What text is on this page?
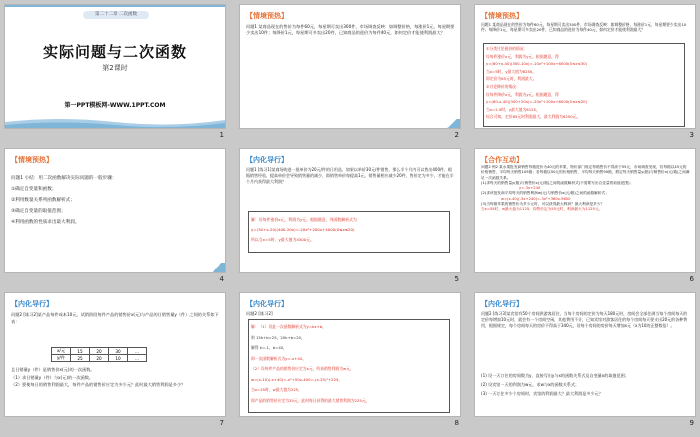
第二十二章 二次函数
实际问题与二次函数
第2课时
第一PPT模板网-WWW.1PPT.COM
1
【情境预热】
问题1 某商品现在的售价为每件60元，每星期可卖出300件，市场调查反映：如调整价格，每涨价1元，每星期要少卖出10件；每降价1元，每星期可多卖出20件，已知商品的进价为每件40元，如何定价才能使利润最大？
2
【情境预热】
问题1 某商品现在的售价为每件60元，每星期可卖出300件，市场调查反映：如调整价格，每涨价1元，每星期要少卖出10件；每降价1元，每星期可多卖出20件，已知商品的进价为每件40元，如何定价才能使利润最大？
①分类讨论涨价的情况：
设每件涨价x元，利润为y元。根据题意，得
y=(60+x-40)(300-10x)=-10x²+100x+6000(0≤x≤30)
当x=5时，y最大值为6250。
即定价为65元时，利润最大。
②讨论降价的情况：
设每件降价x元，利润为y元。根据题意，得
y=(60-x-40)(300+20x)=-20x²+100x+6000(0≤x≤20)
当x=2.5时，y最大值为6125。
综合可知，定价65元时利润最大，最大利润为6250元。
3
【情境预热】
问题1 小结：用二次函数解决实际问题的一般步骤：
①确定自变量和函数；
②利用数量关系列函数解析式；
③确定自变量的取值范围；
④利用函数的性质求出最大利润。
4
【内化导行】
问题1 [练习1]某商场购进一批单价为20元/件的日用品，如果以单价30元/件销售，那么半个月内可以售出400件，根据销售经验，提高单价会导致销售量的减少，即销售单价每提高1元，销售量相应减少20件，售价定为多少，才能在半个月内获得最大利润？
解：设每件涨价x元，利润为y元。根据题意，列函数解析式为
y=(30+x-20)(400-20x)=-20x²+200x+4000(0≤x≤20)
所以当x=5时，y最大值为4500元。
5
【合作互动】
问题2 例2 某水果批发商销售每箱进价为40元的苹果，物价部门规定每箱售价不得高于55元，市场调查发现，若每箱以45元的价格销售，平均每天销售105箱；若每箱以50元的价格销售，平均每天销售90箱，假定每天销售量y(箱)与销售价x(元/箱)之间满足一次函数关系。
(1)求每天的销售量y(箱)与销售价x(元/箱)之间的函数解析式(不需要写出自变量的取值范围)；
y=-3x+240
(2)求该批发商平均每天的销售利润w(元)与销售价x(元/箱)之间的函数解析式；
w=(x-40)(-3x+240)=-3x²+360x-9600
(3)当每箱苹果的销售价为多少元时，可以获得最大利润？最大利润是多少？
当x=55时，w最大值为1125，即售价定为55元时，利润最大为1125元。
6
【内化导行】
问题2 [练习2]某产品每件成本10元，试销阶段每件产品的销售价x(元)与产品的日销售量y（件）之间的关系如下表：
x/元	15	20	30	…
y/件	25	20	10	…
且日销量y（件）是销售价x(元)的一次函数。
（1）求日销量y（件）与x(元)的一次函数。
（2）要使每日的销售利润最大，每件产品的销售价应定为多少元？此时最大销售利润是多少？
7
【内化导行】
问题2 [练习2]
解：（1）设此一次函数解析式为y=kx+b。
则 15k+b=25，20k+b=20，
解得 k=-1，b=40，
即一次函数解析式为y=-x+40。
（2）设每件产品的销售价应定为x元，所获销售利润为w元，
w=(x-10)(-x+40)=-x²+50x-400=-(x-25)²+225。
当x=25时，w最大值为225，
即产品的销售价应定为25元，此时每日获得的最大销售利润为225元。
8
【内化导行】
问题2 [练习3]某宾馆有50个房间供游客居住，当每个房间的定价为每天180元时，房间会全部住满当每个房间每天的定价每增加10元时，就会有一个房间空闲，其他费用不计，已知宾馆对游客居住的每个房间每天要支出20元的各种费用，根据规定，每个房间每天的房价不得高于340元，设每个房间的房价每天增加x元（x为10的正整数倍）。
(1) 设一天订住的房间数为y，直接写出y与x的函数关系式及自变量x的取值范围；
(2) 设宾馆一天的利润为w元，求w与x的函数关系式；
(3) 一天订住多少个房间时，宾馆的利润最大？最大利润是多少元？
9
